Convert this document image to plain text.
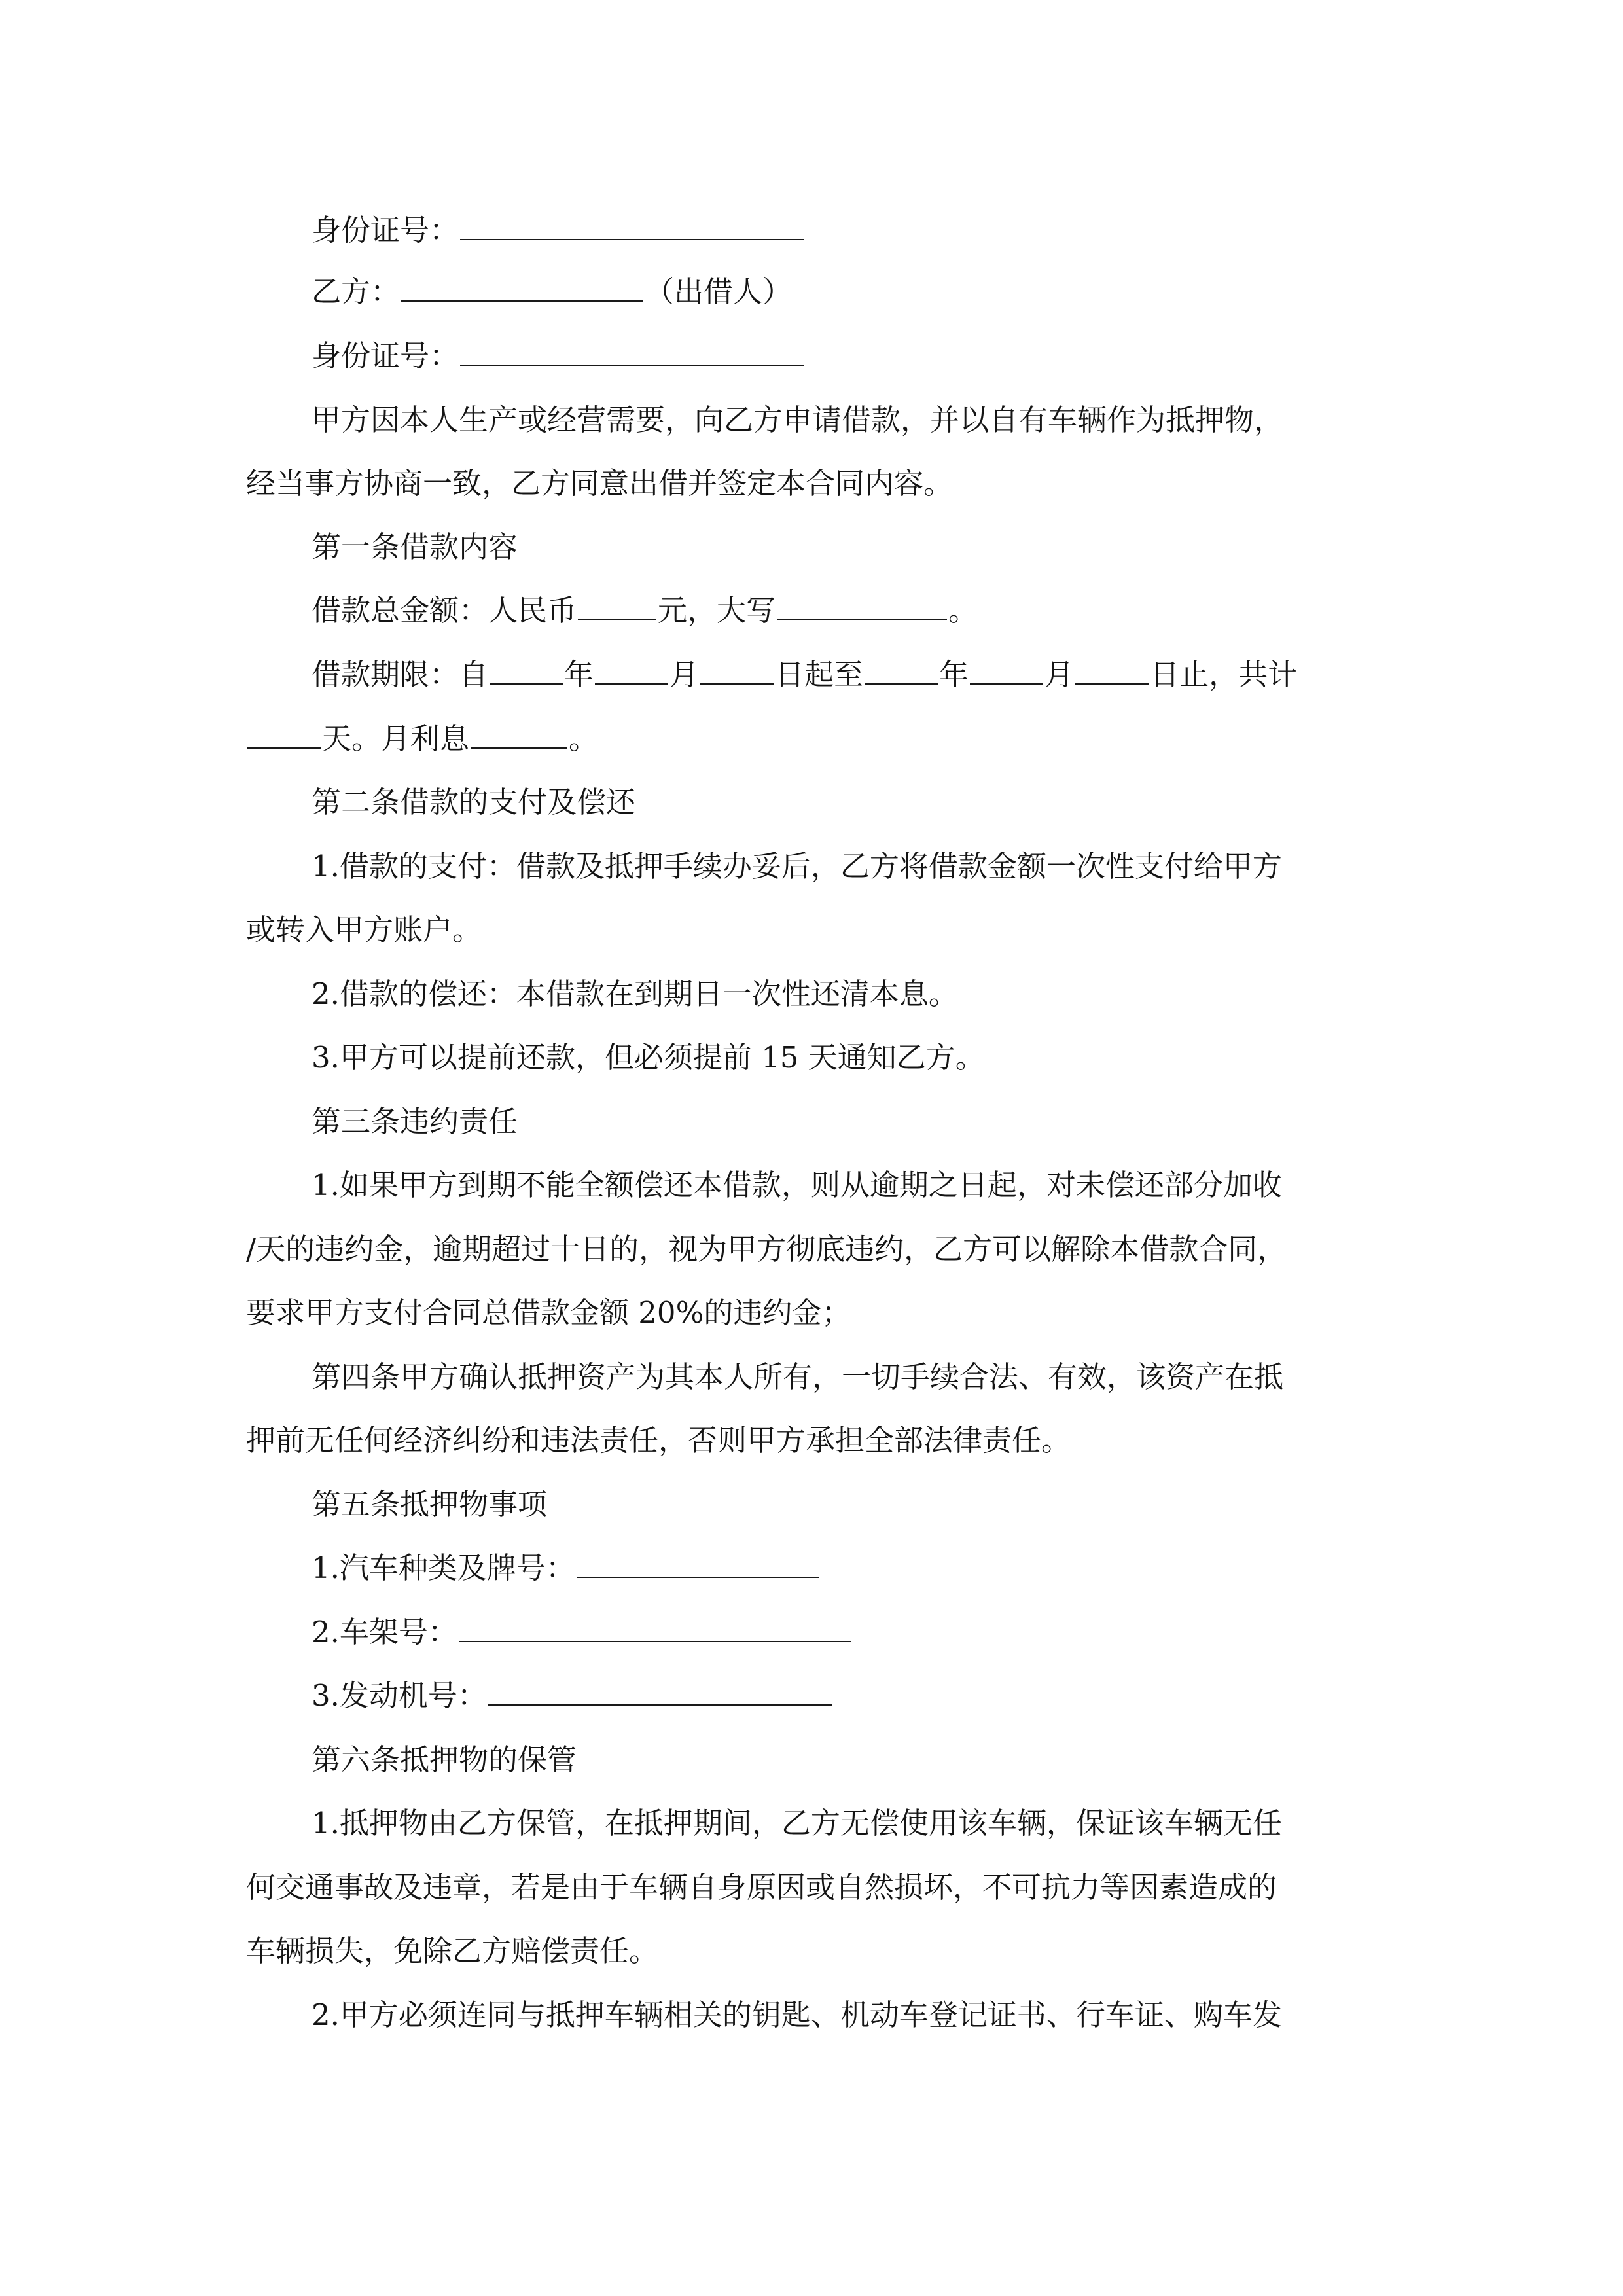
身份证号：
乙方：	（出借人）
身份证号：
甲方因本人生产或经营需要，向乙方申请借款，并以自有车辆作为抵押物，
经当事方协商一致，乙方同意出借并签定本合同内容。
第一条借款内容
借款总金额：人民币	元，大写	。
借款期限：自	年	月	日起至	年	月	日止，共计
天。月利息	。
第二条借款的支付及偿还
1.借款的支付：借款及抵押手续办妥后，乙方将借款金额一次性支付给甲方
或转入甲方账户。
2.借款的偿还：本借款在到期日一次性还清本息。
3.甲方可以提前还款，但必须提前 15 天通知乙方。
第三条违约责任
1.如果甲方到期不能全额偿还本借款，则从逾期之日起，对未偿还部分加收
/天的违约金，逾期超过十日的，视为甲方彻底违约，乙方可以解除本借款合同，
要求甲方支付合同总借款金额 20%的违约金；
第四条甲方确认抵押资产为其本人所有，一切手续合法、有效，该资产在抵
押前无任何经济纠纷和违法责任，否则甲方承担全部法律责任。
第五条抵押物事项
1.汽车种类及牌号：
2.车架号：
3.发动机号：
第六条抵押物的保管
1.抵押物由乙方保管，在抵押期间，乙方无偿使用该车辆，保证该车辆无任
何交通事故及违章，若是由于车辆自身原因或自然损坏，不可抗力等因素造成的
车辆损失，免除乙方赔偿责任。
2.甲方必须连同与抵押车辆相关的钥匙、机动车登记证书、行车证、购车发
